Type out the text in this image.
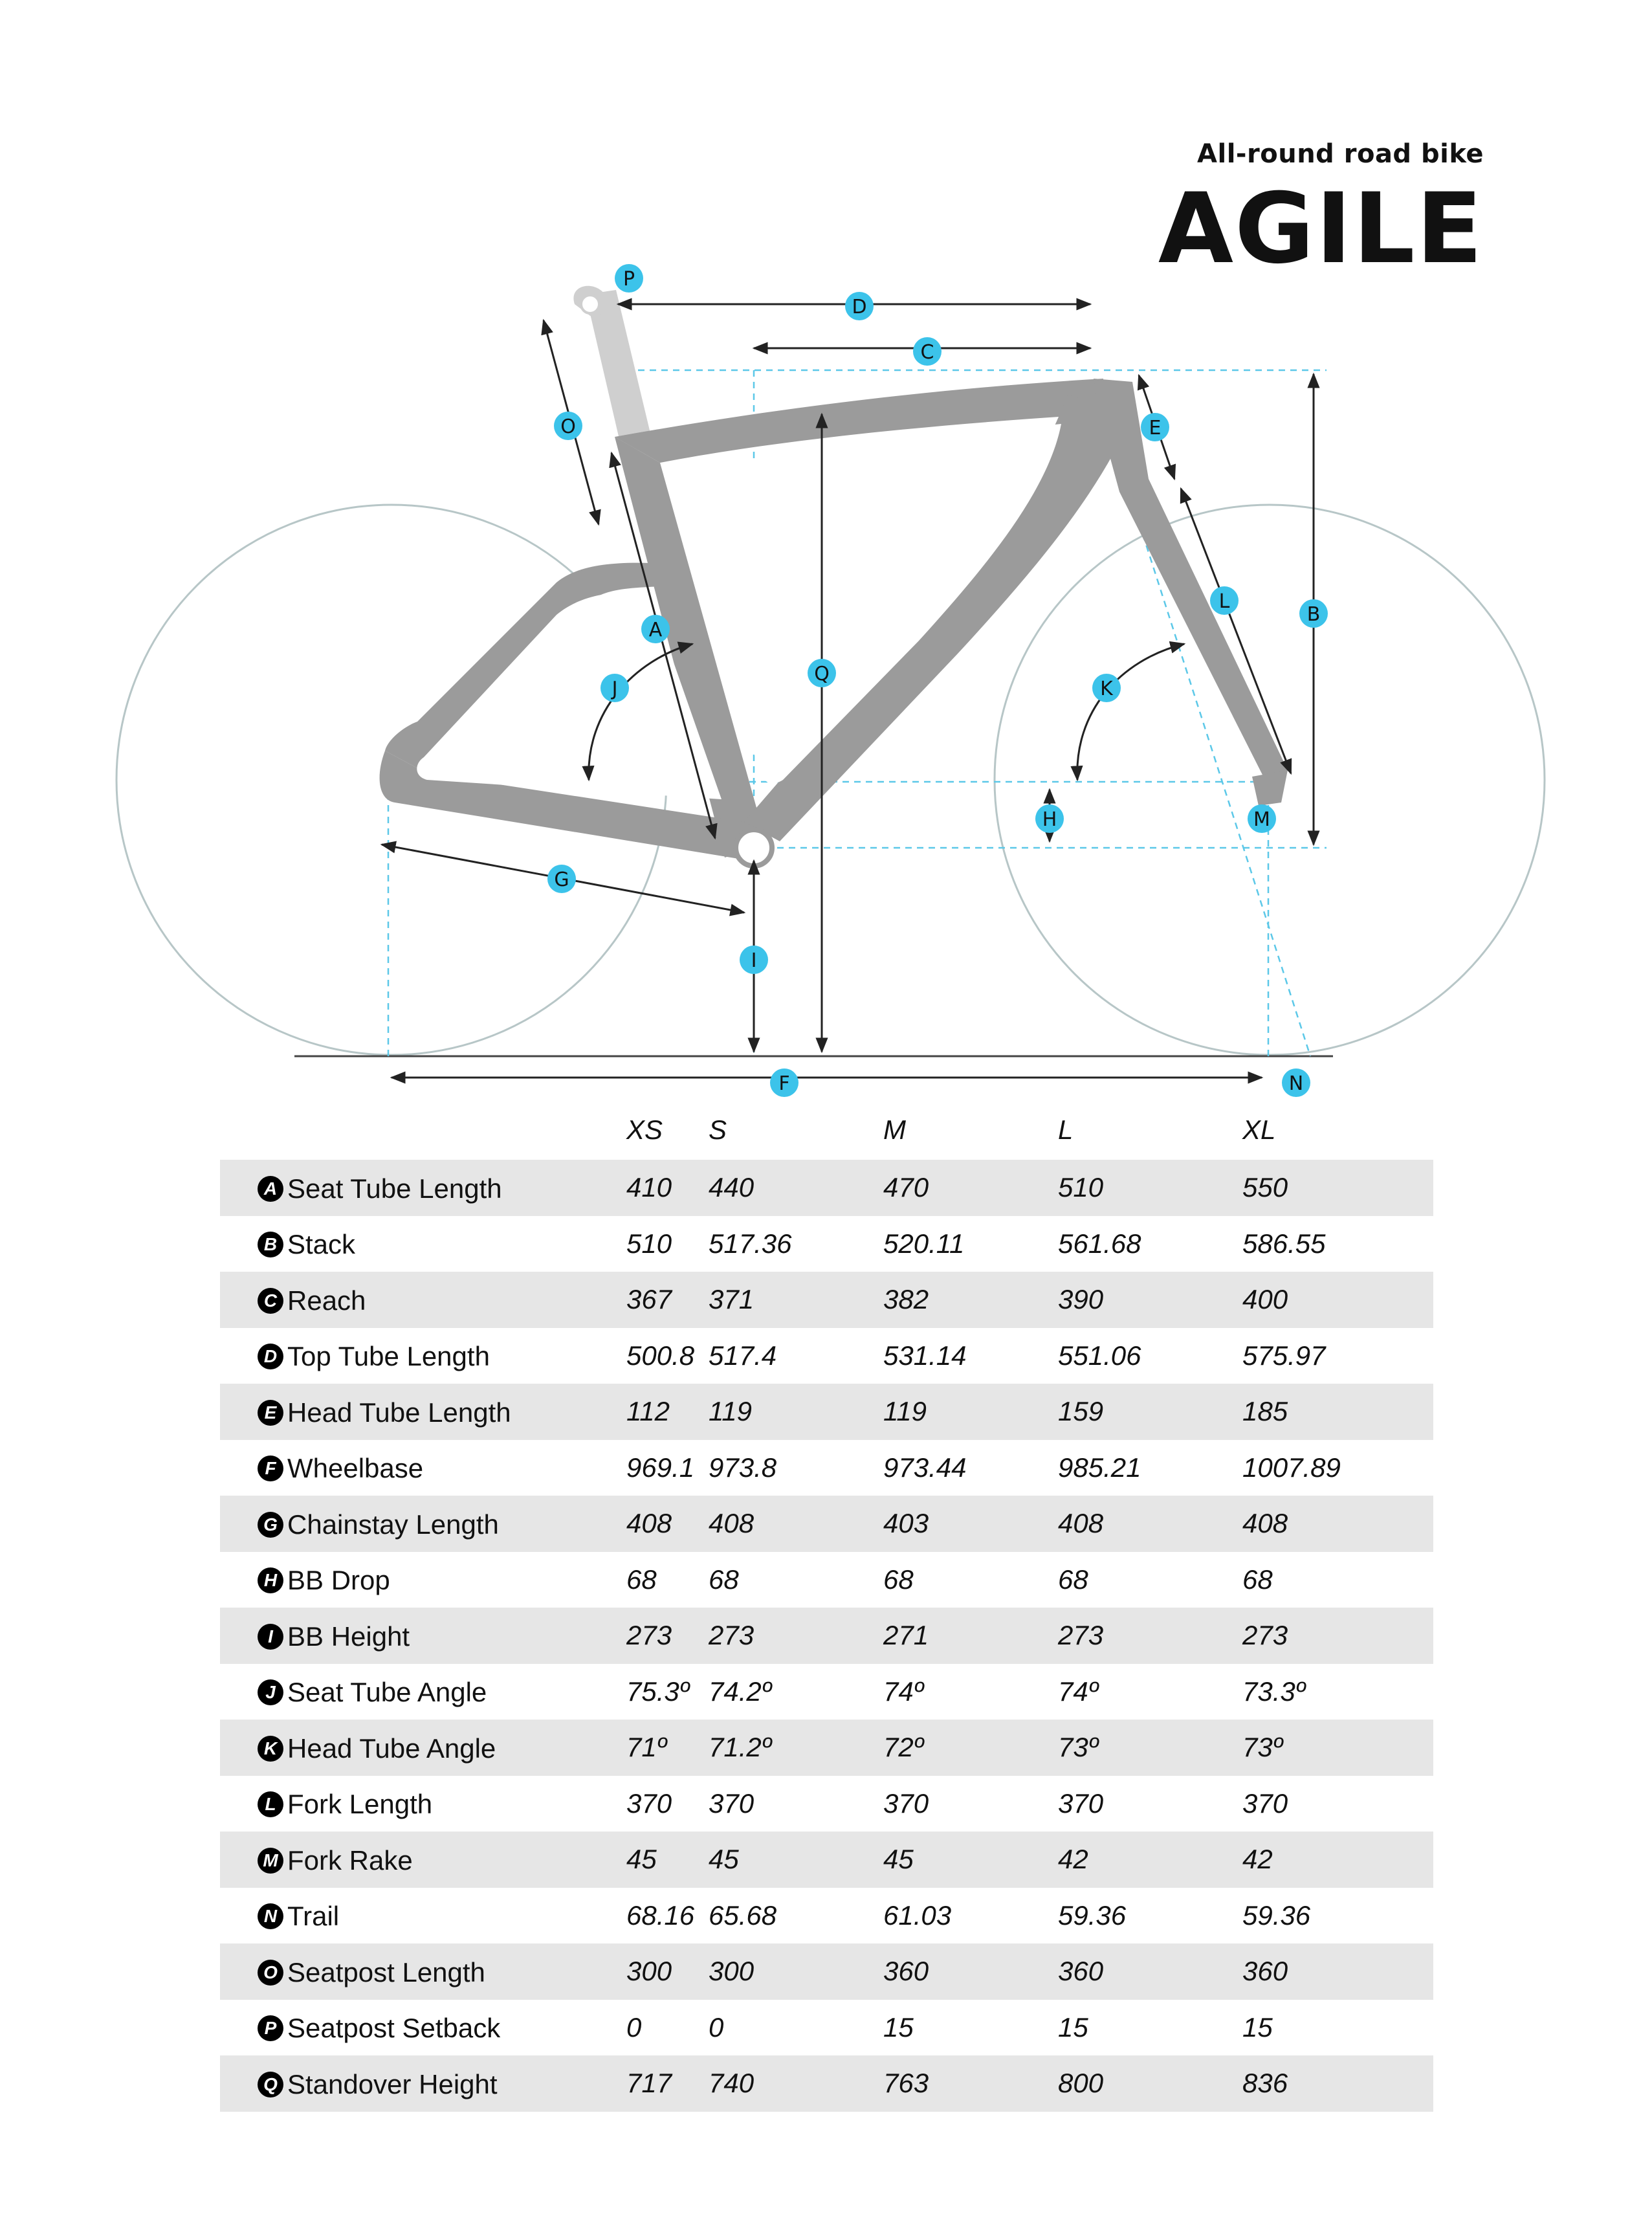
All-round road bike
AGILE
A
B
C
D
E
F
G
H
I
J	K
L
M
N
O
P
Q
	XS	S	M	L	XL
A Seat Tube Length	410	440	470	510	550
B Stack	510	517.36	520.11	561.68	586.55
C Reach	367	371	382	390	400
D Top Tube Length	500.8	517.4	531.14	551.06	575.97
E Head Tube Length	112	119	119	159	185
F Wheelbase	969.1	973.8	973.44	985.21	1007.89
G Chainstay Length	408	408	403	408	408
H BB Drop	68	68	68	68	68
I BB Height	273	273	271	273	273
J Seat Tube Angle	75.3º	74.2º	74º	74º	73.3º
K Head Tube Angle	71º	71.2º	72º	73º	73º
L Fork Length	370	370	370	370	370
M Fork Rake	45	45	45	42	42
N Trail	68.16	65.68	61.03	59.36	59.36
O Seatpost Length	300	300	360	360	360
P Seatpost Setback	0	0	15	15	15
Q Standover Height	717	740	763	800	836
